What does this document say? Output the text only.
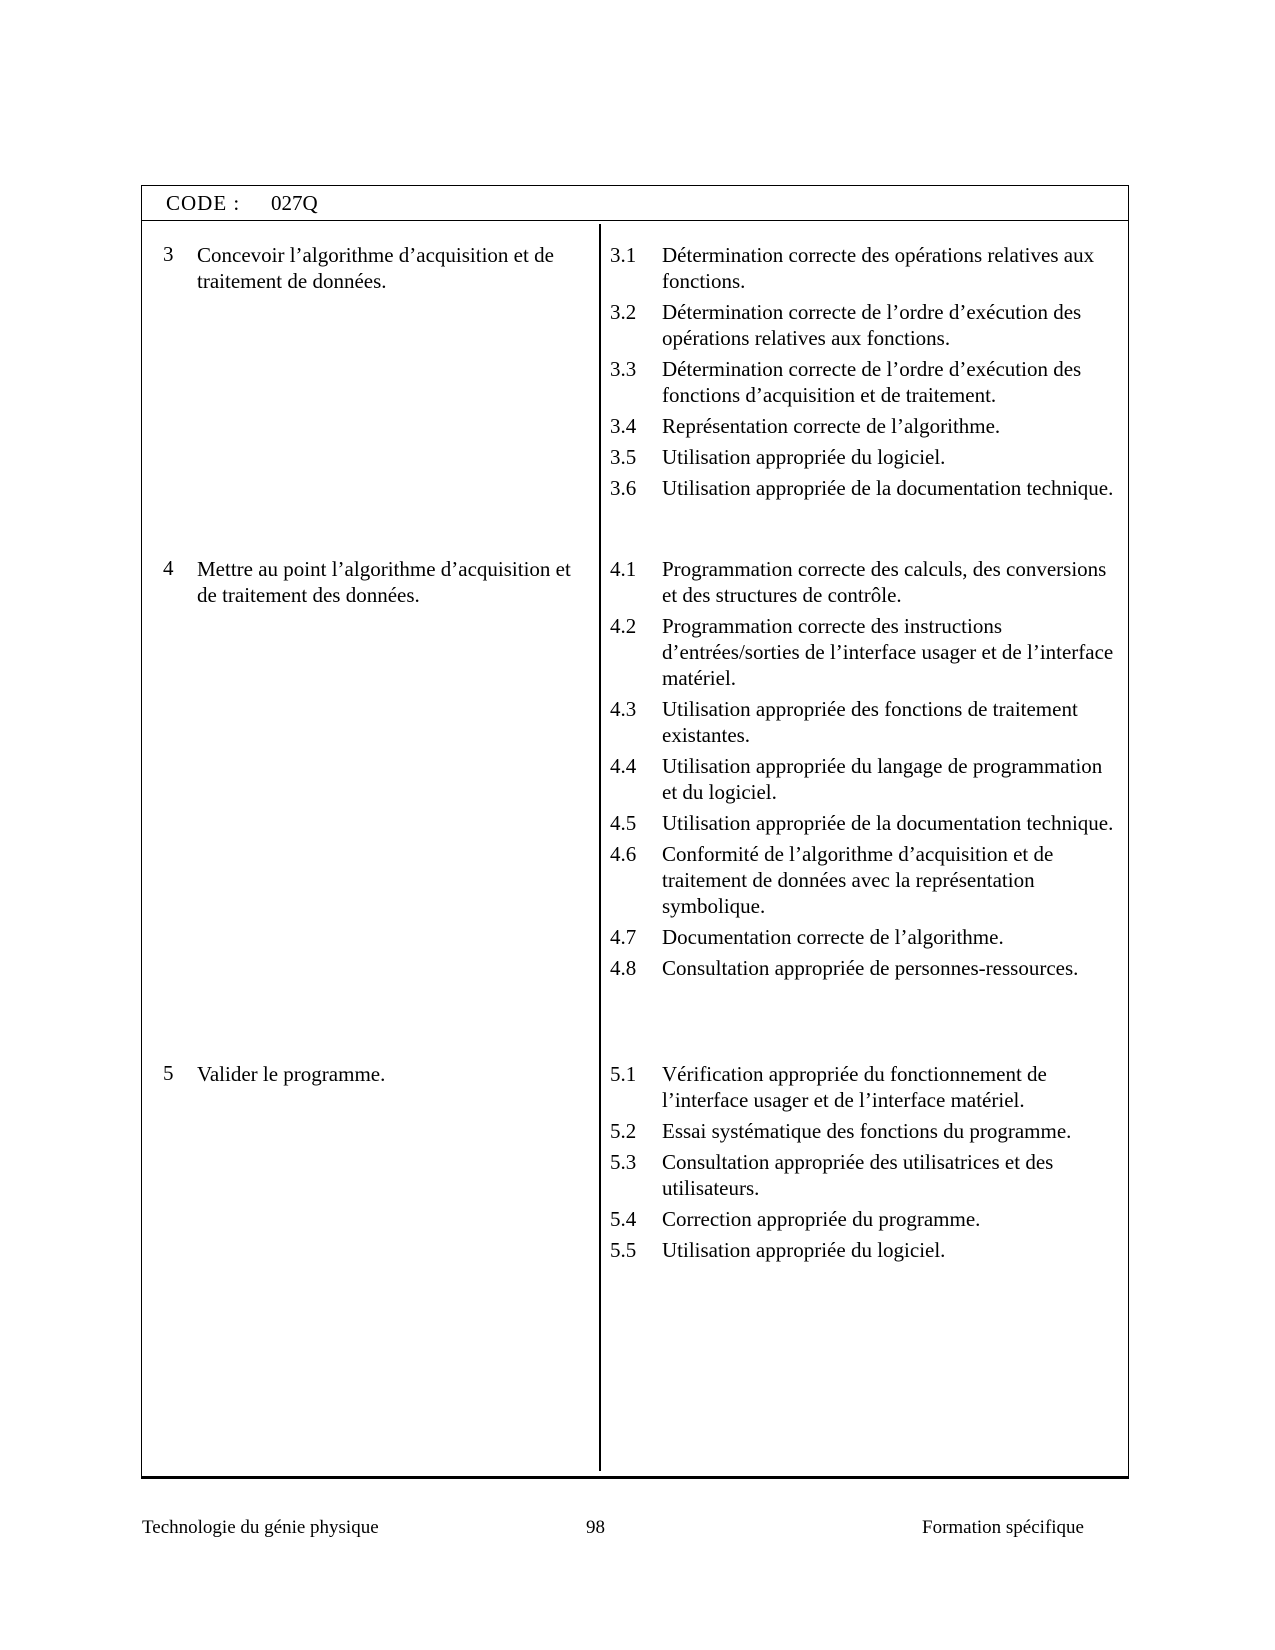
CODE : 027Q
3 Concevoir l’algorithme d’acquisition et de traitement de données.
3.1 Détermination correcte des opérations relatives aux fonctions.
3.2 Détermination correcte de l’ordre d’exécution des opérations relatives aux fonctions.
3.3 Détermination correcte de l’ordre d’exécution des fonctions d’acquisition et de traitement.
3.4 Représentation correcte de l’algorithme.
3.5 Utilisation appropriée du logiciel.
3.6 Utilisation appropriée de la documentation technique.
4 Mettre au point l’algorithme d’acquisition et de traitement des données.
4.1 Programmation correcte des calculs, des conversions et des structures de contrôle.
4.2 Programmation correcte des instructions d’entrées/sorties de l’interface usager et de l’interface matériel.
4.3 Utilisation appropriée des fonctions de traitement existantes.
4.4 Utilisation appropriée du langage de programmation et du logiciel.
4.5 Utilisation appropriée de la documentation technique.
4.6 Conformité de l’algorithme d’acquisition et de traitement de données avec la représentation symbolique.
4.7 Documentation correcte de l’algorithme.
4.8 Consultation appropriée de personnes-ressources.
5 Valider le programme.	5.1 Vérification appropriée du fonctionnement de l’interface usager et de l’interface matériel.
5.2 Essai systématique des fonctions du programme.
5.3 Consultation appropriée des utilisatrices et des utilisateurs.
5.4 Correction appropriée du programme.
5.5 Utilisation appropriée du logiciel.
Technologie du génie physique	98	Formation spécifique
